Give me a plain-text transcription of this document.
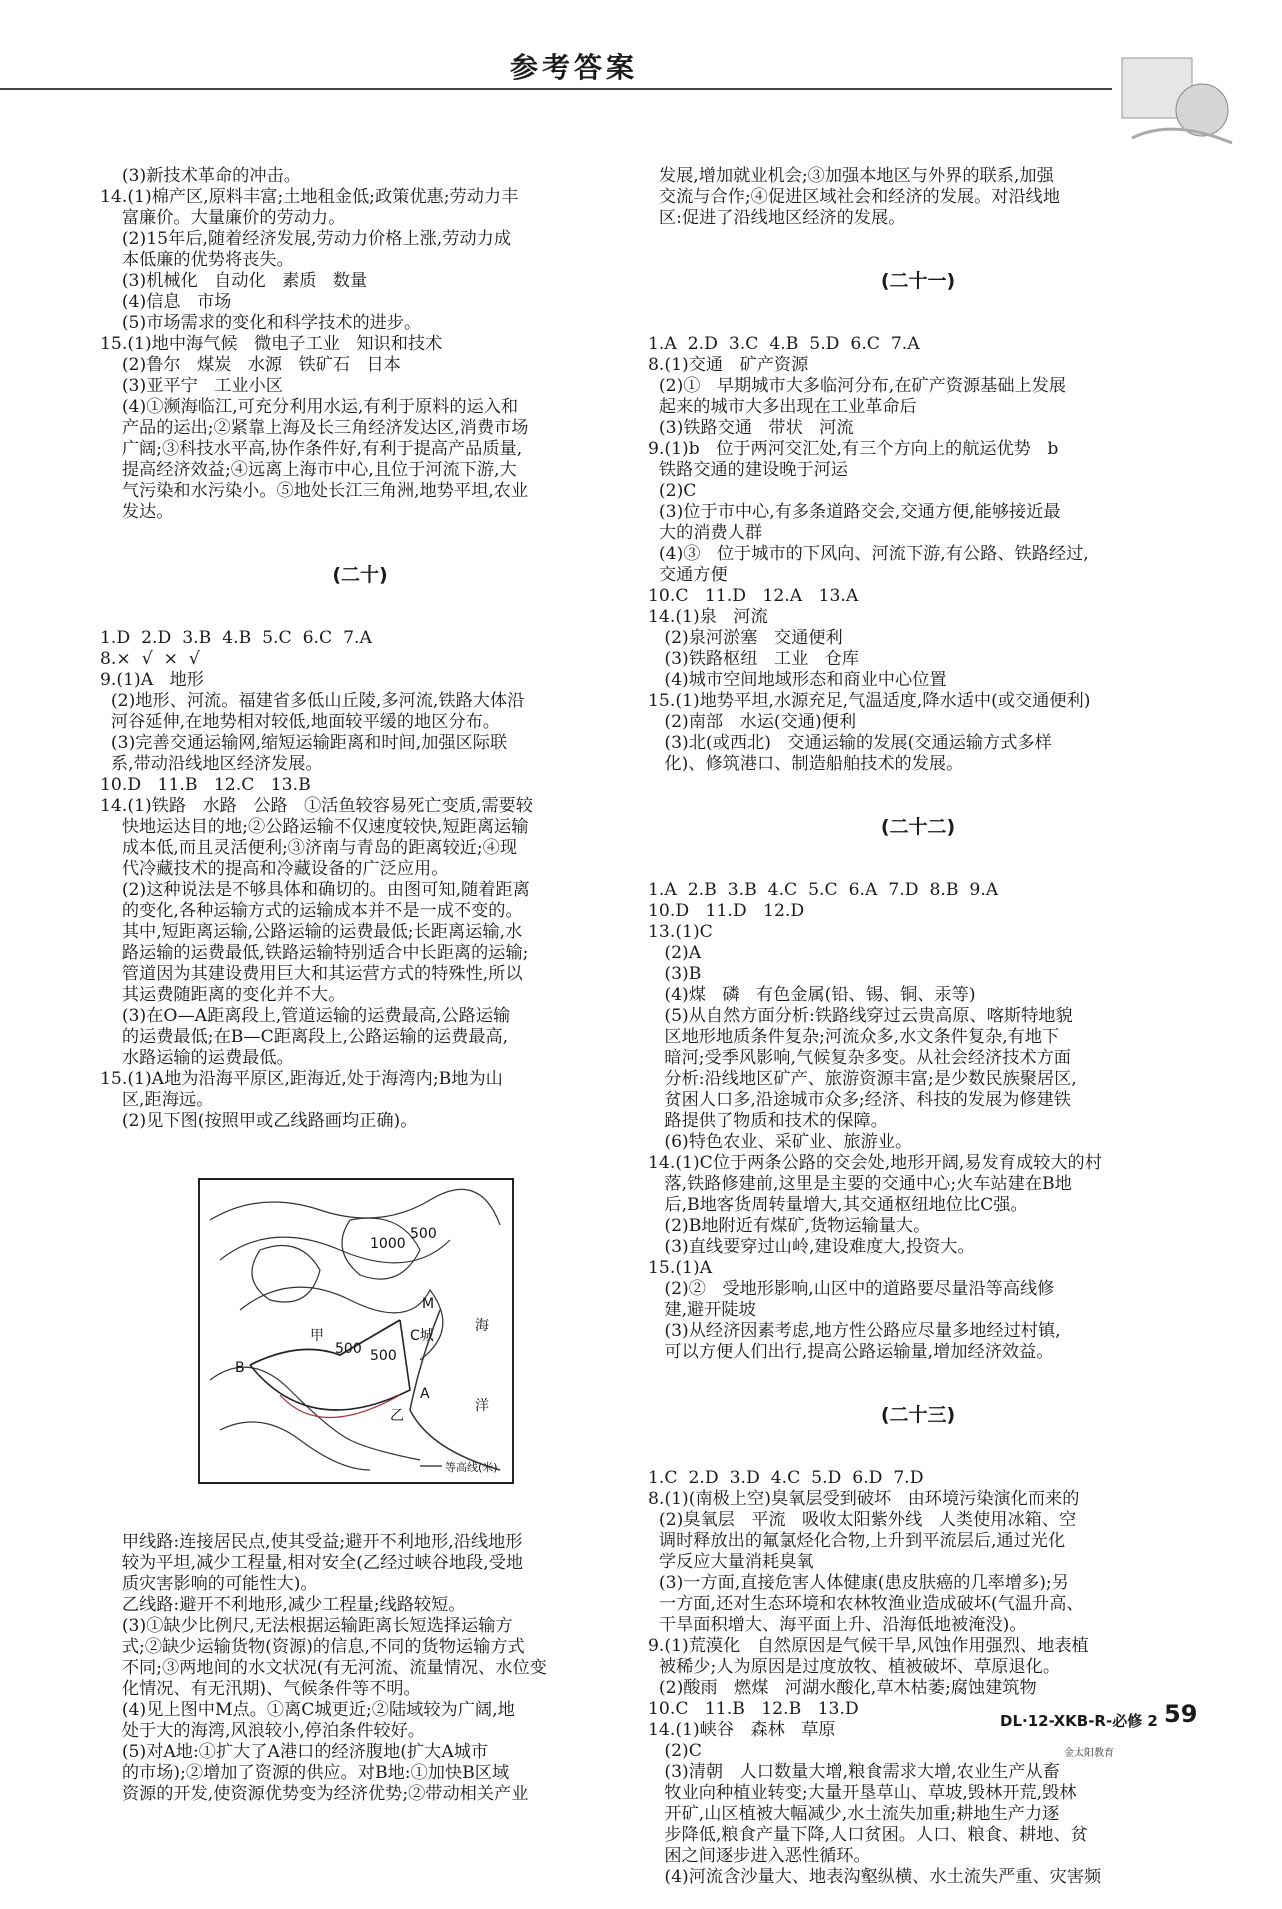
参考答案

(3)新技术革命的冲击。
14.(1)棉产区,原料丰富;土地租金低;政策优惠;劳动力丰
富廉价。大量廉价的劳动力。
(2)15年后,随着经济发展,劳动力价格上涨,劳动力成
本低廉的优势将丧失。
(3)机械化   自动化   素质   数量
(4)信息   市场
(5)市场需求的变化和科学技术的进步。
15.(1)地中海气候   微电子工业   知识和技术
(2)鲁尔   煤炭   水源   铁矿石   日本
(3)亚平宁   工业小区
(4)①濒海临江,可充分利用水运,有利于原料的运入和
产品的运出;②紧靠上海及长三角经济发达区,消费市场
广阔;③科技水平高,协作条件好,有利于提高产品质量,
提高经济效益;④远离上海市中心,且位于河流下游,大
气污染和水污染小。⑤地处长江三角洲,地势平坦,农业
发达。

(二十)

1.D  2.D  3.B  4.B  5.C  6.C  7.A
8.×  √  ×  √
9.(1)A   地形
(2)地形、河流。福建省多低山丘陵,多河流,铁路大体沿
河谷延伸,在地势相对较低,地面较平缓的地区分布。
(3)完善交通运输网,缩短运输距离和时间,加强区际联
系,带动沿线地区经济发展。
10.D   11.B   12.C   13.B
14.(1)铁路   水路   公路   ①活鱼较容易死亡变质,需要较
快地运达目的地;②公路运输不仅速度较快,短距离运输
成本低,而且灵活便利;③济南与青岛的距离较近;④现
代冷藏技术的提高和冷藏设备的广泛应用。
(2)这种说法是不够具体和确切的。由图可知,随着距离
的变化,各种运输方式的运输成本并不是一成不变的。
其中,短距离运输,公路运输的运费最低;长距离运输,水
路运输的运费最低,铁路运输特别适合中长距离的运输;
管道因为其建设费用巨大和其运营方式的特殊性,所以
其运费随距离的变化并不大。
(3)在O—A距离段上,管道运输的运费最高,公路运输
的运费最低;在B—C距离段上,公路运输的运费最高,
水路运输的运费最低。
15.(1)A地为沿海平原区,距海近,处于海湾内;B地为山
区,距海远。
(2)见下图(按照甲或乙线路画均正确)。

1000
500
M
海
甲
500 500
C城
B
A
乙
洋
等高线(米)

甲线路:连接居民点,使其受益;避开不利地形,沿线地形
较为平坦,减少工程量,相对安全(乙经过峡谷地段,受地
质灾害影响的可能性大)。
乙线路:避开不利地形,减少工程量;线路较短。
(3)①缺少比例尺,无法根据运输距离长短选择运输方
式;②缺少运输货物(资源)的信息,不同的货物运输方式
不同;③两地间的水文状况(有无河流、流量情况、水位变
化情况、有无汛期)、气候条件等不明。
(4)见上图中M点。①离C城更近;②陆域较为广阔,地
处于大的海湾,风浪较小,停泊条件较好。
(5)对A地:①扩大了A港口的经济腹地(扩大A城市
的市场);②增加了资源的供应。对B地:①加快B区域
资源的开发,使资源优势变为经济优势;②带动相关产业

发展,增加就业机会;③加强本地区与外界的联系,加强
交流与合作;④促进区域社会和经济的发展。对沿线地
区:促进了沿线地区经济的发展。

(二十一)

1.A  2.D  3.C  4.B  5.D  6.C  7.A
8.(1)交通   矿产资源
(2)①   早期城市大多临河分布,在矿产资源基础上发展
起来的城市大多出现在工业革命后
(3)铁路交通   带状   河流
9.(1)b   位于两河交汇处,有三个方向上的航运优势   b
铁路交通的建设晚于河运
(2)C
(3)位于市中心,有多条道路交会,交通方便,能够接近最
大的消费人群
(4)③   位于城市的下风向、河流下游,有公路、铁路经过,
交通方便
10.C   11.D   12.A   13.A
14.(1)泉   河流
(2)泉河淤塞   交通便利
(3)铁路枢纽   工业   仓库
(4)城市空间地域形态和商业中心位置
15.(1)地势平坦,水源充足,气温适度,降水适中(或交通便利)
(2)南部   水运(交通)便利
(3)北(或西北)   交通运输的发展(交通运输方式多样
化)、修筑港口、制造船舶技术的发展。

(二十二)

1.A  2.B  3.B  4.C  5.C  6.A  7.D  8.B  9.A
10.D   11.D   12.D
13.(1)C
(2)A
(3)B
(4)煤   磷   有色金属(铅、锡、铜、汞等)
(5)从自然方面分析:铁路线穿过云贵高原、喀斯特地貌
区地形地质条件复杂;河流众多,水文条件复杂,有地下
暗河;受季风影响,气候复杂多变。从社会经济技术方面
分析:沿线地区矿产、旅游资源丰富;是少数民族聚居区,
贫困人口多,沿途城市众多;经济、科技的发展为修建铁
路提供了物质和技术的保障。
(6)特色农业、采矿业、旅游业。
14.(1)C位于两条公路的交会处,地形开阔,易发育成较大的村
落,铁路修建前,这里是主要的交通中心;火车站建在B地
后,B地客货周转量增大,其交通枢纽地位比C强。
(2)B地附近有煤矿,货物运输量大。
(3)直线要穿过山岭,建设难度大,投资大。
15.(1)A
(2)②   受地形影响,山区中的道路要尽量沿等高线修
建,避开陡坡
(3)从经济因素考虑,地方性公路应尽量多地经过村镇,
可以方便人们出行,提高公路运输量,增加经济效益。

(二十三)

1.C  2.D  3.D  4.C  5.D  6.D  7.D
8.(1)(南极上空)臭氧层受到破坏   由环境污染演化而来的
(2)臭氧层   平流   吸收太阳紫外线   人类使用冰箱、空
调时释放出的氟氯烃化合物,上升到平流层后,通过光化
学反应大量消耗臭氧
(3)一方面,直接危害人体健康(患皮肤癌的几率增多);另
一方面,还对生态环境和农林牧渔业造成破坏(气温升高、
干旱面积增大、海平面上升、沿海低地被淹没)。
9.(1)荒漠化   自然原因是气候干旱,风蚀作用强烈、地表植
被稀少;人为原因是过度放牧、植被破坏、草原退化。
(2)酸雨   燃煤   河湖水酸化,草木枯萎;腐蚀建筑物
10.C   11.B   12.B   13.D
14.(1)峡谷   森林   草原
(2)C
(3)清朝   人口数量大增,粮食需求大增,农业生产从畜
牧业向种植业转变;大量开垦草山、草坡,毁林开荒,毁林
开矿,山区植被大幅减少,水土流失加重;耕地生产力逐
步降低,粮食产量下降,人口贫困。人口、粮食、耕地、贫
困之间逐步进入恶性循环。
(4)河流含沙量大、地表沟壑纵横、水土流失严重、灾害频

DL·12-XKB-R-必修 2 59
金太阳教育
